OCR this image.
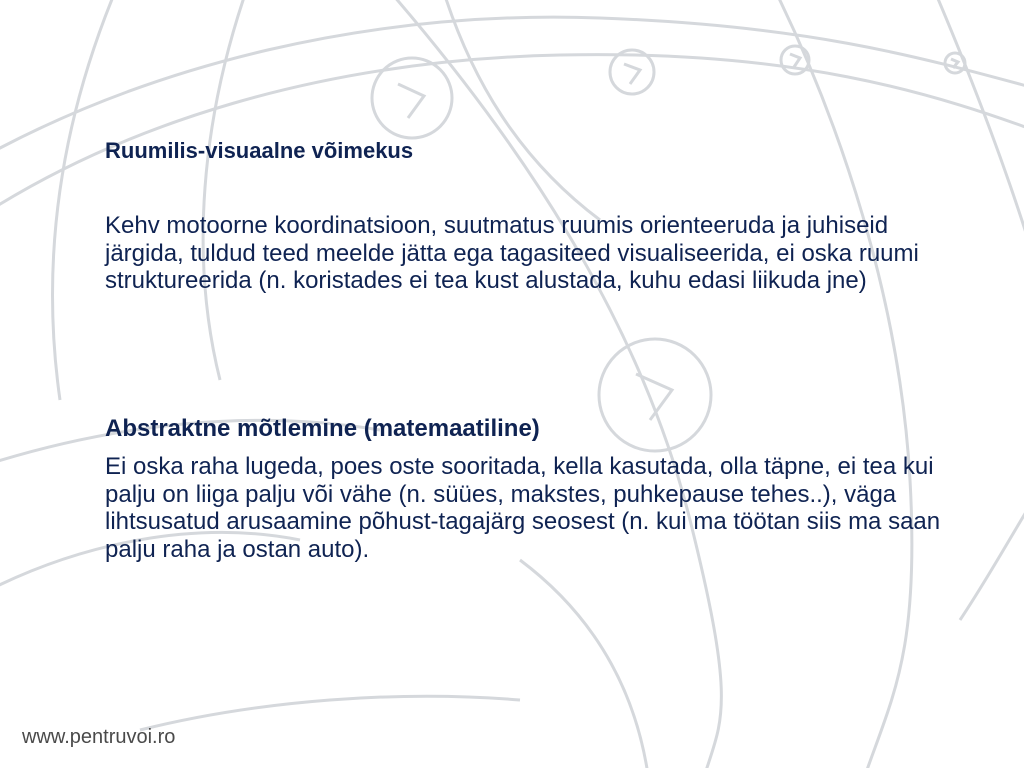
Ruumilis-visuaalne võimekus

Kehv motoorne koordinatsioon, suutmatus ruumis orienteeruda ja juhiseid järgida, tuldud teed meelde jätta ega tagasiteed visualiseerida, ei oska ruumi struktureerida (n. koristades ei tea kust alustada, kuhu edasi liikuda jne)

Abstraktne mõtlemine (matemaatiline)

Ei oska raha lugeda, poes oste sooritada, kella kasutada, olla täpne, ei tea kui palju on liiga palju või vähe (n. süües, makstes, puhkepause tehes..), väga lihtsusatud arusaamine põhust-tagajärg seosest (n. kui ma töötan siis ma saan palju raha ja ostan auto).

www.pentruvoi.ro
